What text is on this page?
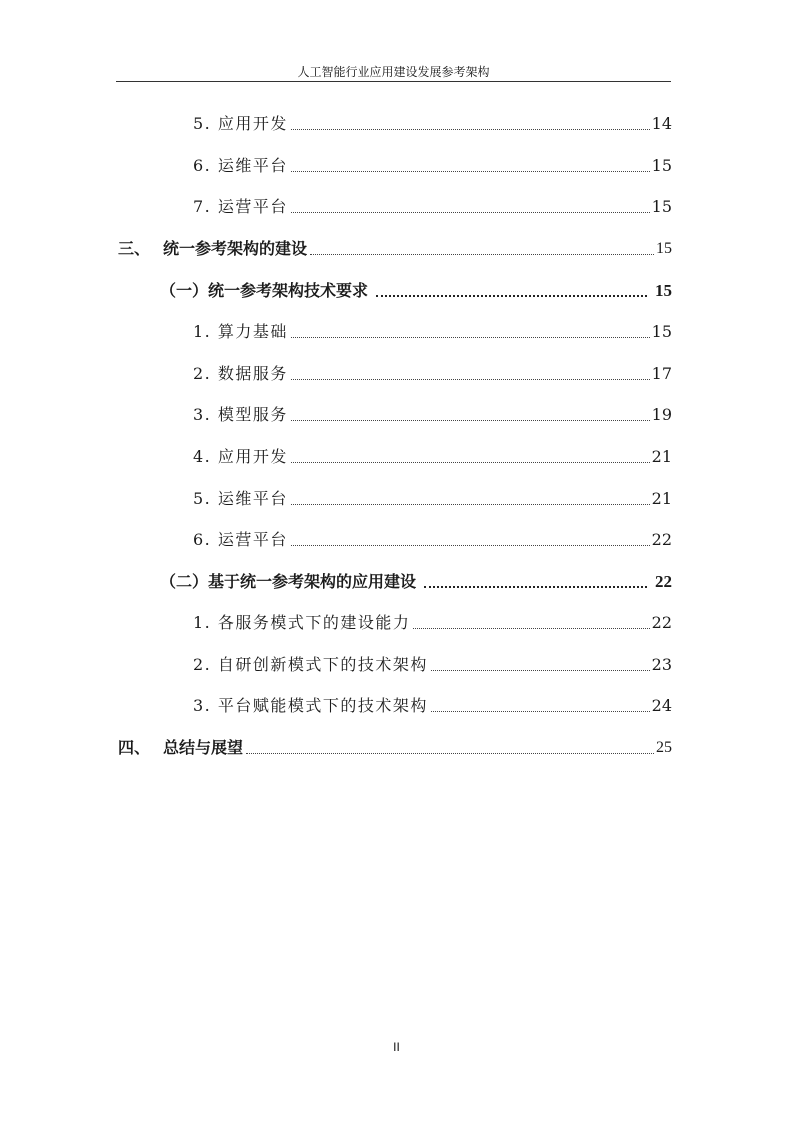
人工智能行业应用建设发展参考架构
5. 应用开发	14
6. 运维平台	15
7. 运营平台	15
三、 统一参考架构的建设	15
（一）统一参考架构技术要求	15
1. 算力基础	15
2. 数据服务	17
3. 模型服务	19
4. 应用开发	21
5. 运维平台	21
6. 运营平台	22
（二）基于统一参考架构的应用建设	22
1. 各服务模式下的建设能力	22
2. 自研创新模式下的技术架构	23
3. 平台赋能模式下的技术架构	24
四、 总结与展望	25
II
